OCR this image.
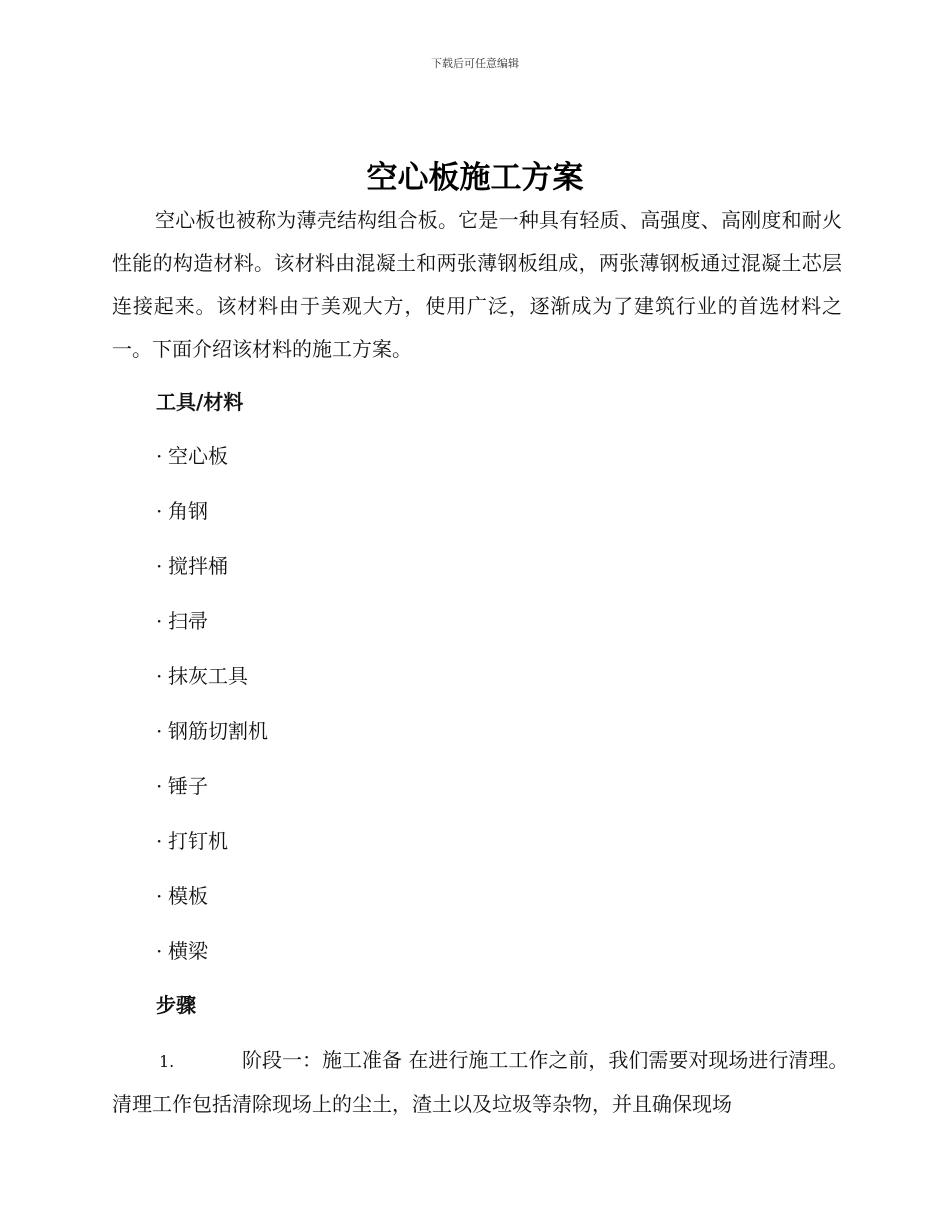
下载后可任意编辑
空心板施工方案

空心板也被称为薄壳结构组合板。它是一种具有轻质、高强度、高刚度和耐火性能的构造材料。该材料由混凝土和两张薄钢板组成，两张薄钢板通过混凝土芯层连接起来。该材料由于美观大方，使用广泛，逐渐成为了建筑行业的首选材料之一。下面介绍该材料的施工方案。

工具/材料
· 空心板
· 角钢
· 搅拌桶
· 扫帚
· 抹灰工具
· 钢筋切割机
· 锤子
· 打钉机
· 模板
· 横梁
步骤

1.	阶段一：施工准备 在进行施工工作之前，我们需要对现场进行清理。清理工作包括清除现场上的尘土，渣土以及垃圾等杂物，并且确保现场
